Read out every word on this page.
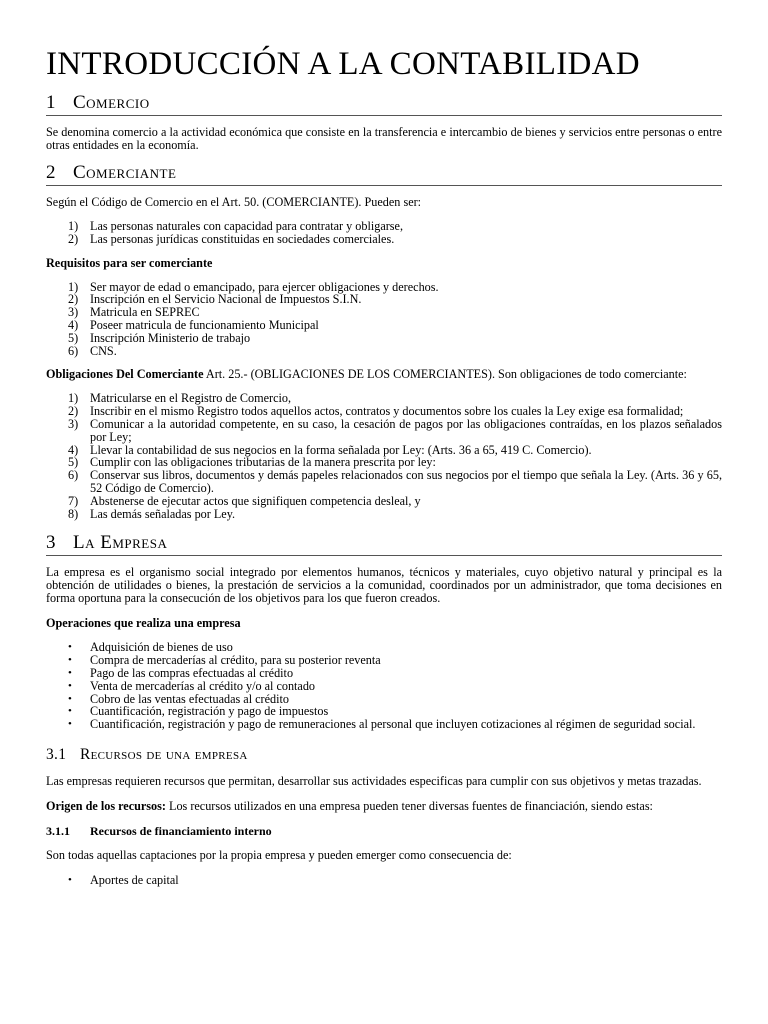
INTRODUCCIÓN A LA CONTABILIDAD
1 Comercio

Se denomina comercio a la actividad económica que consiste en la transferencia e intercambio de bienes y servicios entre personas o entre otras entidades en la economía.

2 Comerciante

Según el Código de Comercio en el Art. 50. (COMERCIANTE). Pueden ser:

1) Las personas naturales con capacidad para contratar y obligarse,
2) Las personas jurídicas constituidas en sociedades comerciales.
Requisitos para ser comerciante
1) Ser mayor de edad o emancipado, para ejercer obligaciones y derechos.
2) Inscripción en el Servicio Nacional de Impuestos S.I.N.
3) Matricula en SEPREC
4) Poseer matricula de funcionamiento Municipal
5) Inscripción Ministerio de trabajo
6) CNS.

Obligaciones Del Comerciante Art. 25.- (OBLIGACIONES DE LOS COMERCIANTES). Son obligaciones de todo comerciante:

1) Matricularse en el Registro de Comercio,
2) Inscribir en el mismo Registro todos aquellos actos, contratos y documentos sobre los cuales la Ley exige esa formalidad;
3) Comunicar a la autoridad competente, en su caso, la cesación de pagos por las obligaciones contraídas, en los plazos señalados por Ley;
4) Llevar la contabilidad de sus negocios en la forma señalada por Ley: (Arts. 36 a 65, 419 C. Comercio).
5) Cumplir con las obligaciones tributarias de la manera prescrita por ley:
6) Conservar sus libros, documentos y demás papeles relacionados con sus negocios por el tiempo que señala la Ley. (Arts. 36 y 65, 52 Código de Comercio).
7) Abstenerse de ejecutar actos que signifiquen competencia desleal, y
8) Las demás señaladas por Ley.
3 La Empresa

La empresa es el organismo social integrado por elementos humanos, técnicos y materiales, cuyo objetivo natural y principal es la obtención de utilidades o bienes, la prestación de servicios a la comunidad, coordinados por un administrador, que toma decisiones en forma oportuna para la consecución de los objetivos para los que fueron creados.

Operaciones que realiza una empresa
•	Adquisición de bienes de uso
•	Compra de mercaderías al crédito, para su posterior reventa
•	Pago de las compras efectuadas al crédito
•	Venta de mercaderías al crédito y/o al contado
•	Cobro de las ventas efectuadas al crédito
•	Cuantificación, registración y pago de impuestos
•	Cuantificación, registración y pago de remuneraciones al personal que incluyen cotizaciones al régimen de seguridad social.
3.1 Recursos de una empresa

Las empresas requieren recursos que permitan, desarrollar sus actividades especificas para cumplir con sus objetivos y metas trazadas.

Origen de los recursos: Los recursos utilizados en una empresa pueden tener diversas fuentes de financiación, siendo estas:

3.1.1	Recursos de financiamiento interno

Son todas aquellas captaciones por la propia empresa y pueden emerger como consecuencia de:

•	Aportes de capital
